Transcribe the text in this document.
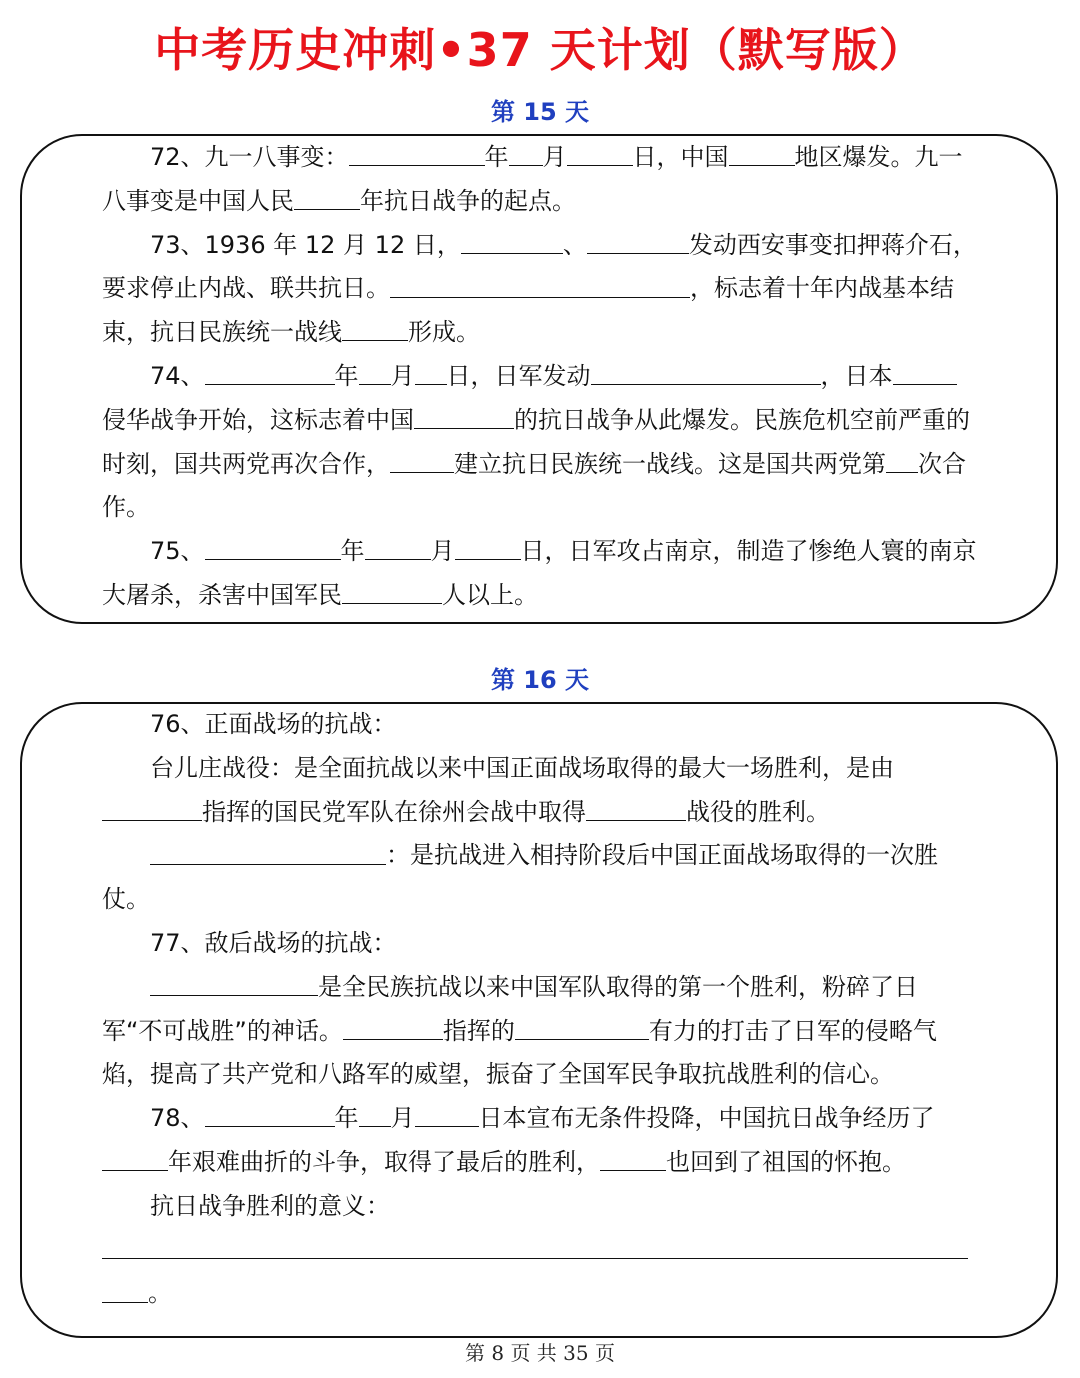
中考历史冲刺•37 天计划（默写版）
第 15 天

72、九一八事变：	年 月	日，中国	地区爆发。九一八事变是中国人民	年抗日战争的起点。

73、1936 年 12 月 12 日，	、	发动西安事变扣押蒋介石，要求停止内战、联共抗日。	，标志着十年内战基本结束，抗日民族统一战线	形成。

74、	年 月 日，日军发动	，日本侵华战争开始，这标志着中国	的抗日战争从此爆发。民族危机空前严重的时刻，国共两党再次合作，	建立抗日民族统一战线。这是国共两党第 次合作。

75、	年	月	日，日军攻占南京，制造了惨绝人寰的南京大屠杀，杀害中国军民	人以上。

第 16 天

76、正面战场的抗战：

台儿庄战役：是全面抗战以来中国正面战场取得的最大一场胜利，是由指挥的国民党军队在徐州会战中取得	战役的胜利。

：是抗战进入相持阶段后中国正面战场取得的一次胜仗。

77、敌后战场的抗战：

是全民族抗战以来中国军队取得的第一个胜利，粉碎了日军“不可战胜”的神话。	指挥的	有力的打击了日军的侵略气焰，提高了共产党和八路军的威望，振奋了全国军民争取抗战胜利的信心。

78、	年 月	日本宣布无条件投降，中国抗日战争经历了年艰难曲折的斗争，取得了最后的胜利，	也回到了祖国的怀抱。

抗日战争胜利的意义：

。

第 8 页 共 35 页
